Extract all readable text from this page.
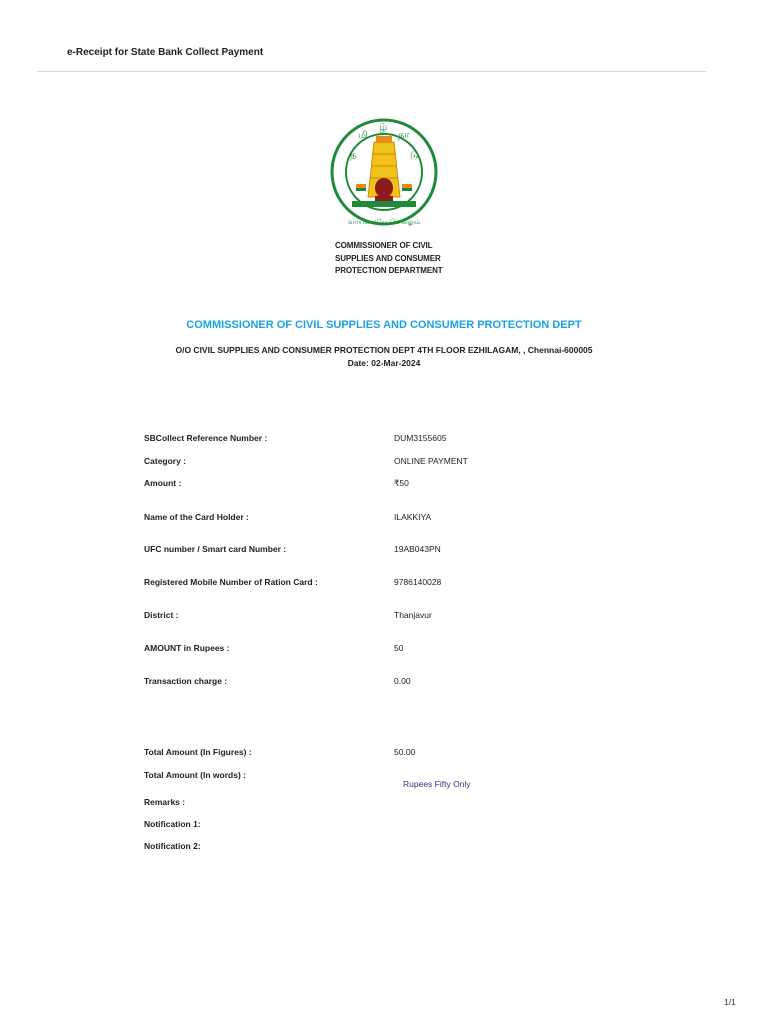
e-Receipt for State Bank Collect Payment
த
மி
ழ்
நா
டு
வாய்மையே வெல்லும்
COMMISSIONER OF CIVIL
SUPPLIES AND CONSUMER
PROTECTION DEPARTMENT
COMMISSIONER OF CIVIL SUPPLIES AND CONSUMER PROTECTION DEPT
O/O CIVIL SUPPLIES AND CONSUMER PROTECTION DEPT 4TH FLOOR EZHILAGAM, , Chennai-600005
Date: 02-Mar-2024
SBCollect Reference Number :	DUM3155605
Category :	ONLINE PAYMENT
Amount :	₹50
Name of the Card Holder :	ILAKKIYA
UFC number / Smart card Number :	19AB043PN
Registered Mobile Number of Ration Card :	9786140028
District :	Thanjavur
AMOUNT in Rupees :	50
Transaction charge :	0.00
Total Amount (In Figures) :	50.00
Total Amount (In words) :
Rupees Fifty Only
Remarks :
Notification 1:
Notification 2:
1/1
